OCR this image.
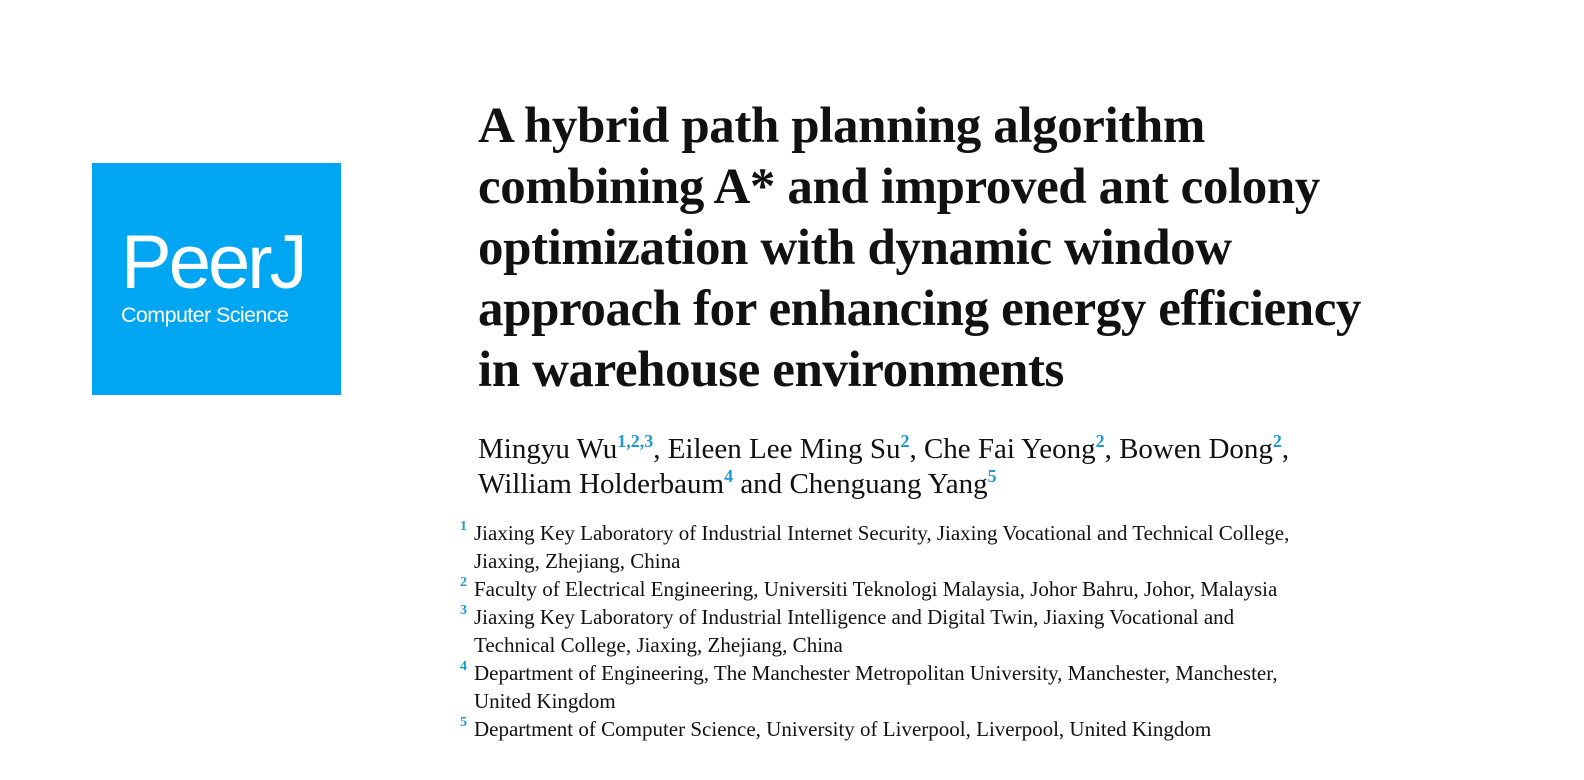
PeerJ
Computer Science
A hybrid path planning algorithm
combining A* and improved ant colony
optimization with dynamic window
approach for enhancing energy efficiency
in warehouse environments
Mingyu Wu$^{1,2,3}$, Eileen Lee Ming Su$^2$, Che Fai Yeong$^2$, Bowen Dong$^2$,
William Holderbaum$^4$ and Chenguang Yang$^5$
1 Jiaxing Key Laboratory of Industrial Internet Security, Jiaxing Vocational and Technical College,
Jiaxing, Zhejiang, China
2 Faculty of Electrical Engineering, Universiti Teknologi Malaysia, Johor Bahru, Johor, Malaysia
3 Jiaxing Key Laboratory of Industrial Intelligence and Digital Twin, Jiaxing Vocational and
Technical College, Jiaxing, Zhejiang, China
4 Department of Engineering, The Manchester Metropolitan University, Manchester, Manchester,
United Kingdom
5 Department of Computer Science, University of Liverpool, Liverpool, United Kingdom
